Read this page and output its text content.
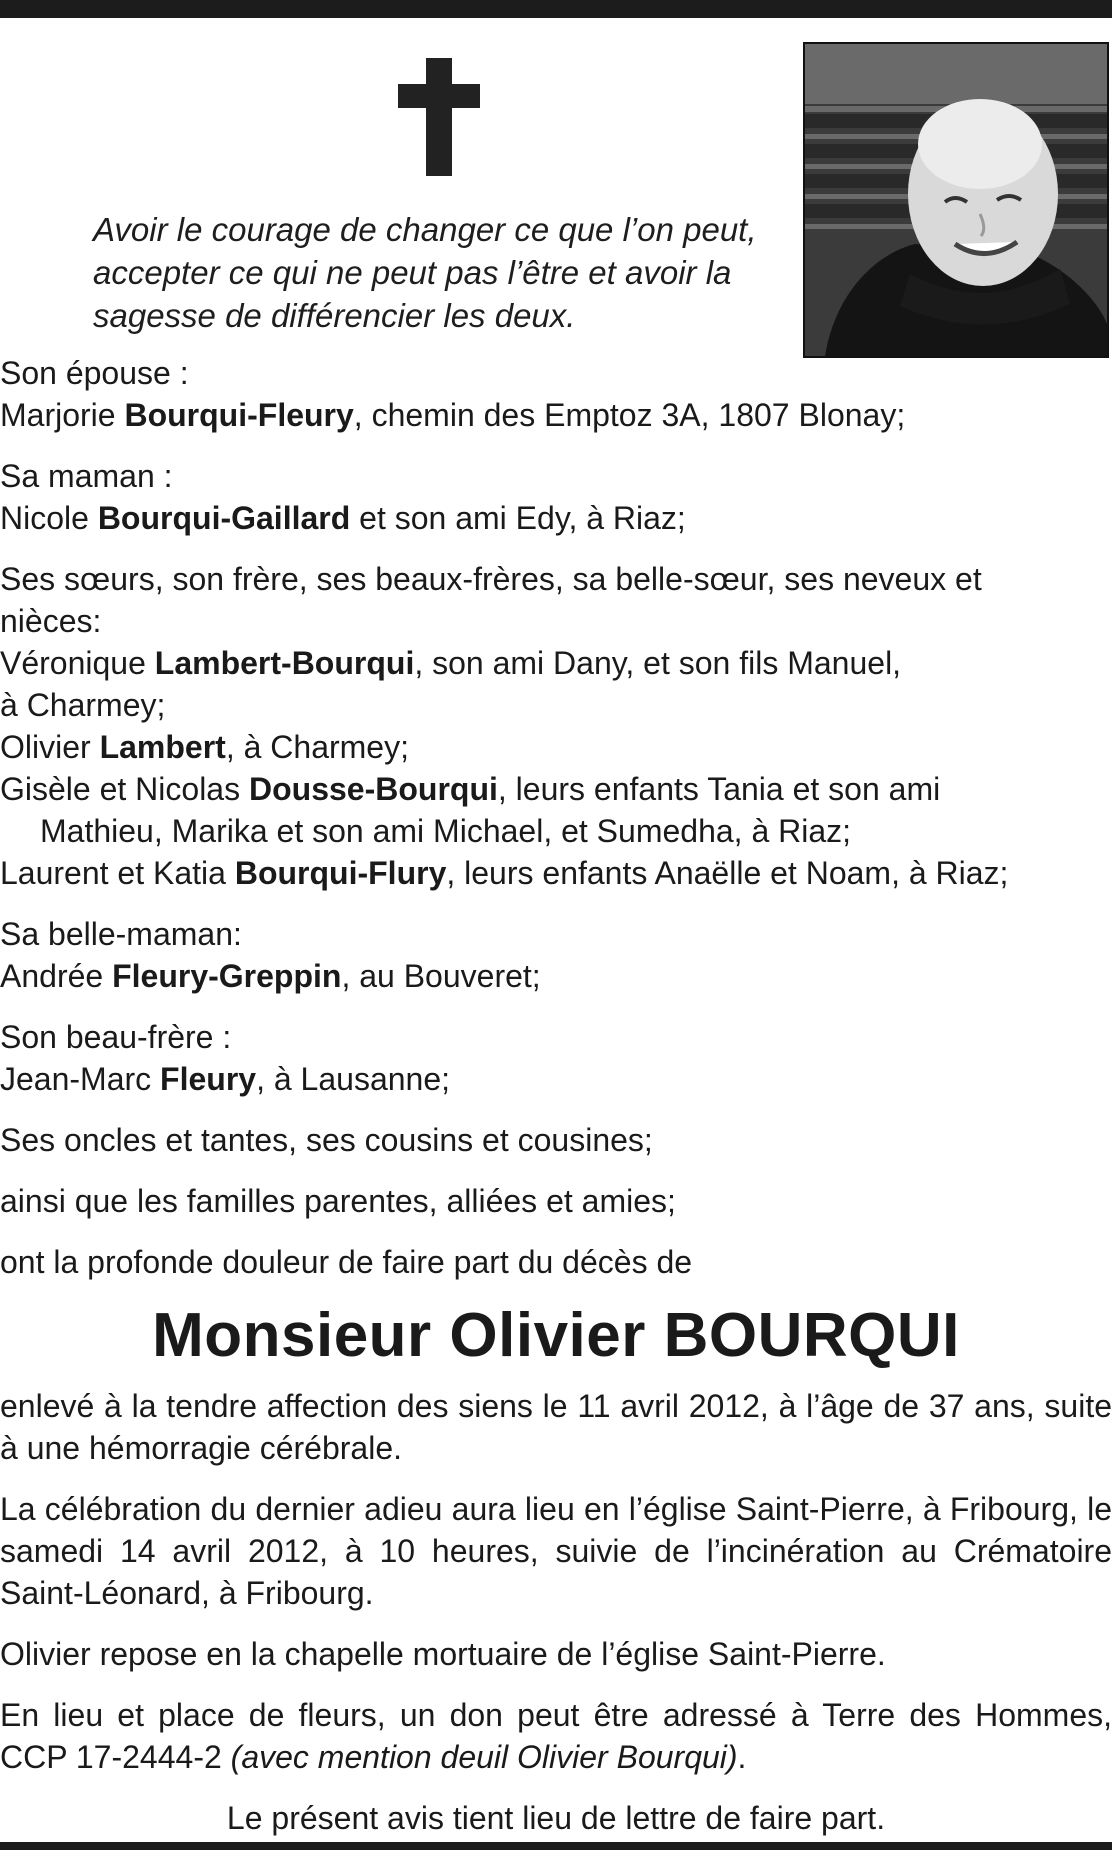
Avoir le courage de changer ce que l’on peut,
accepter ce qui ne peut pas l’être et avoir la
sagesse de différencier les deux.
Son épouse :
Marjorie Bourqui-Fleury, chemin des Emptoz 3A, 1807 Blonay;
Sa maman :
Nicole Bourqui-Gaillard et son ami Edy, à Riaz;
Ses sœurs, son frère, ses beaux-frères, sa belle-sœur, ses neveux et
nièces:
Véronique Lambert-Bourqui, son ami Dany, et son fils Manuel,
à Charmey;
Olivier Lambert, à Charmey;
Gisèle et Nicolas Dousse-Bourqui, leurs enfants Tania et son ami
Mathieu, Marika et son ami Michael, et Sumedha, à Riaz;
Laurent et Katia Bourqui-Flury, leurs enfants Anaëlle et Noam, à Riaz;
Sa belle-maman:
Andrée Fleury-Greppin, au Bouveret;
Son beau-frère :
Jean-Marc Fleury, à Lausanne;
Ses oncles et tantes, ses cousins et cousines;
ainsi que les familles parentes, alliées et amies;
ont la profonde douleur de faire part du décès de
Monsieur Olivier BOURQUI
enlevé à la tendre affection des siens le 11 avril 2012, à l’âge de 37 ans, suite à une hémorragie cérébrale.
La célébration du dernier adieu aura lieu en l’église Saint-Pierre, à Fribourg, le samedi 14 avril 2012, à 10 heures, suivie de l’incinération au Crématoire Saint-Léonard, à Fribourg.
Olivier repose en la chapelle mortuaire de l’église Saint-Pierre.
En lieu et place de fleurs, un don peut être adressé à Terre des Hommes, CCP 17-2444-2 (avec mention deuil Olivier Bourqui).
Le présent avis tient lieu de lettre de faire part.
